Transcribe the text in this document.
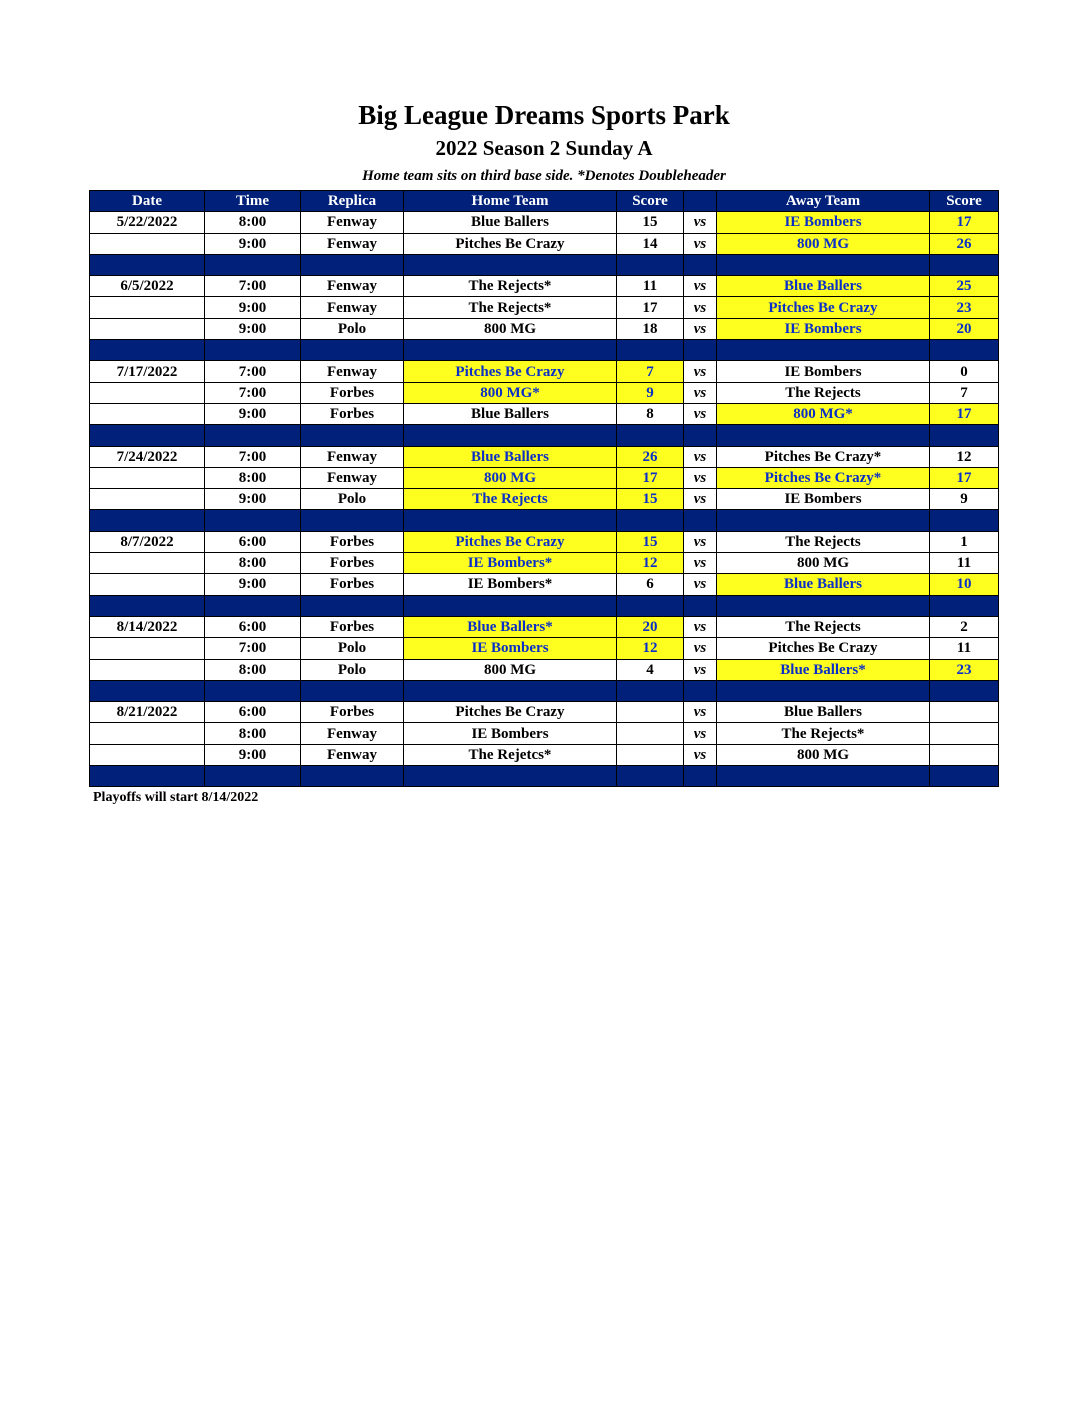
Big League Dreams Sports Park
2022 Season 2 Sunday A
Home team sits on third base side. *Denotes Doubleheader
Date	Time	Replica	Home Team	Score		Away Team	Score
5/22/2022	8:00	Fenway	Blue Ballers	15	vs	IE Bombers	17
	9:00	Fenway	Pitches Be Crazy	14	vs	800 MG	26

6/5/2022	7:00	Fenway	The Rejects*	11	vs	Blue Ballers	25
	9:00	Fenway	The Rejects*	17	vs	Pitches Be Crazy	23
	9:00	Polo	800 MG	18	vs	IE Bombers	20

7/17/2022	7:00	Fenway	Pitches Be Crazy	7	vs	IE Bombers	0
	7:00	Forbes	800 MG*	9	vs	The Rejects	7
	9:00	Forbes	Blue Ballers	8	vs	800 MG*	17

7/24/2022	7:00	Fenway	Blue Ballers	26	vs	Pitches Be Crazy*	12
	8:00	Fenway	800 MG	17	vs	Pitches Be Crazy*	17
	9:00	Polo	The Rejects	15	vs	IE Bombers	9

8/7/2022	6:00	Forbes	Pitches Be Crazy	15	vs	The Rejects	1
	8:00	Forbes	IE Bombers*	12	vs	800 MG	11
	9:00	Forbes	IE Bombers*	6	vs	Blue Ballers	10

8/14/2022	6:00	Forbes	Blue Ballers*	20	vs	The Rejects	2
	7:00	Polo	IE Bombers	12	vs	Pitches Be Crazy	11
	8:00	Polo	800 MG	4	vs	Blue Ballers*	23

8/21/2022	6:00	Forbes	Pitches Be Crazy		vs	Blue Ballers	
	8:00	Fenway	IE Bombers		vs	The Rejects*	
	9:00	Fenway	The Rejetcs*		vs	800 MG	

Playoffs will start 8/14/2022
